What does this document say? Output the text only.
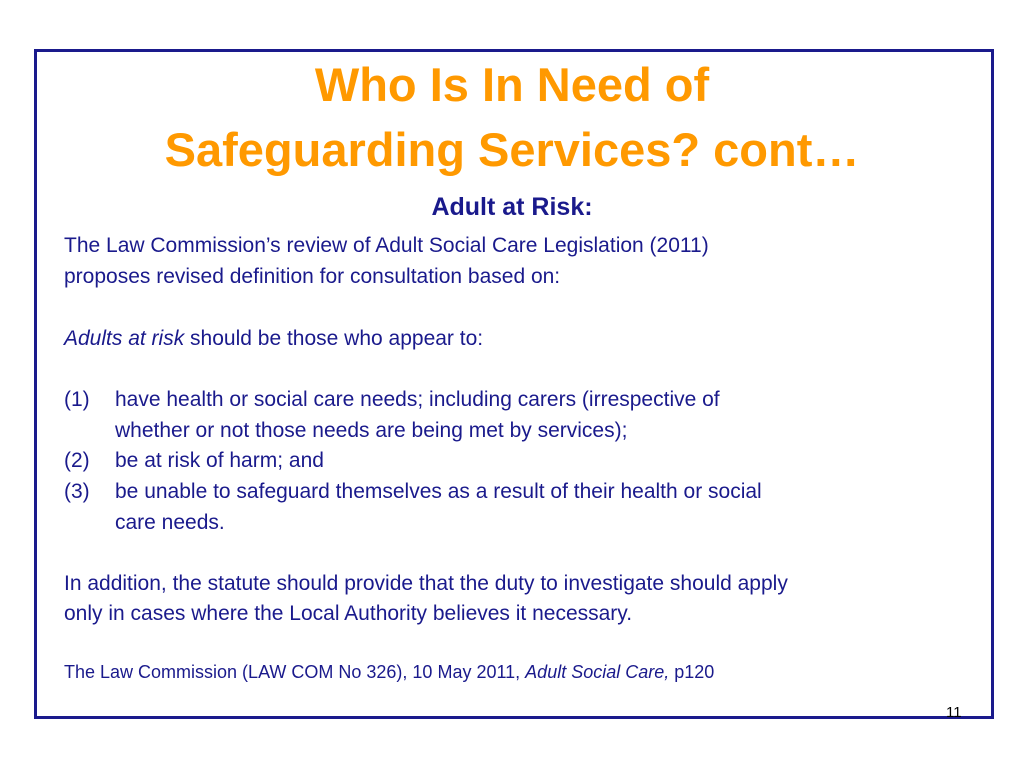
Who Is In Need of
Safeguarding Services? cont…
Adult at Risk:
The Law Commission’s review of Adult Social Care Legislation (2011)
proposes revised definition for consultation based on:
Adults at risk should be those who appear to:
(1) have health or social care needs; including carers (irrespective of
whether or not those needs are being met by services);
(2) be at risk of harm; and
(3) be unable to safeguard themselves as a result of their health or social
care needs.
In addition, the statute should provide that the duty to investigate should apply
only in cases where the Local Authority believes it necessary.
The Law Commission (LAW COM No 326), 10 May 2011, Adult Social Care, p120
11
